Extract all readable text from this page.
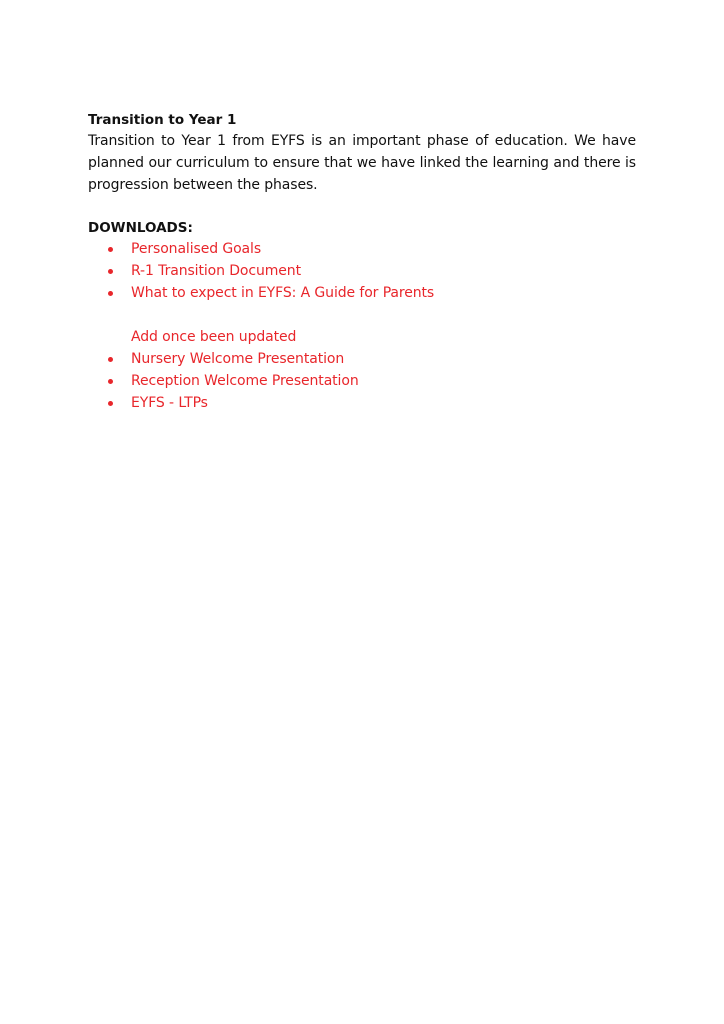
Transition to Year 1

Transition to Year 1 from EYFS is an important phase of education. We have planned our curriculum to ensure that we have linked the learning and there is progression between the phases.

DOWNLOADS:

Personalised Goals
R-1 Transition Document
What to expect in EYFS: A Guide for Parents
Add once been updated
Nursery Welcome Presentation
Reception Welcome Presentation
EYFS - LTPs
